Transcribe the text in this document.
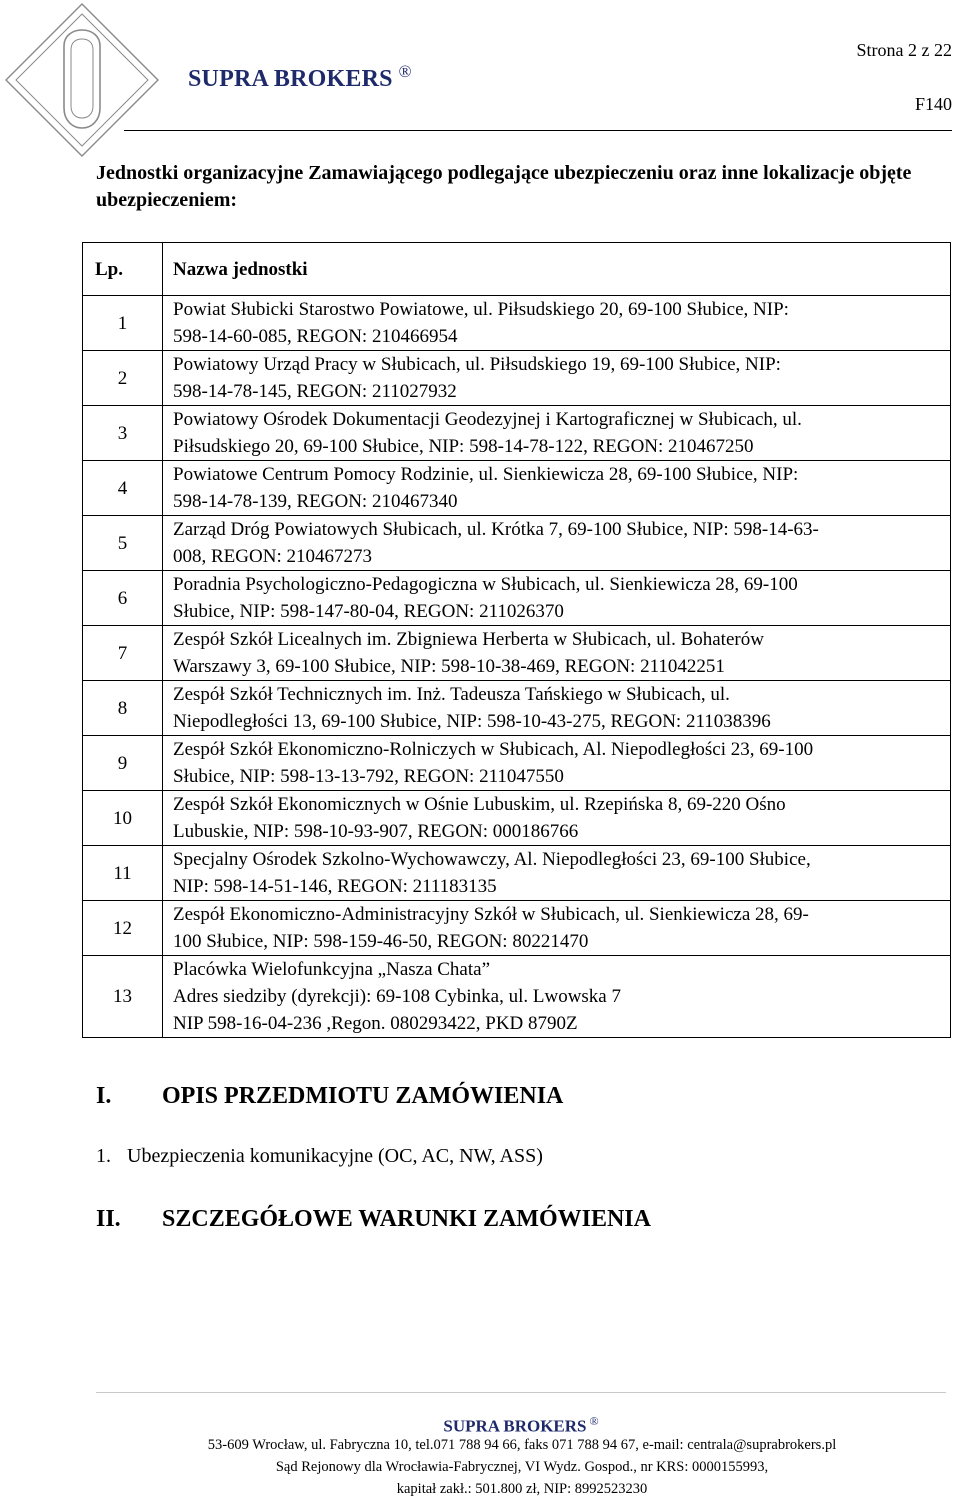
SUPRA BROKERS ®
Strona 2 z 22
F140
Jednostki organizacyjne Zamawiającego podlegające ubezpieczeniu oraz inne lokalizacje objęte ubezpieczeniem:
Lp.	Nazwa jednostki
1	Powiat Słubicki Starostwo Powiatowe, ul. Piłsudskiego 20, 69-100 Słubice, NIP:
598-14-60-085, REGON: 210466954

2	Powiatowy Urząd Pracy w Słubicach, ul. Piłsudskiego 19, 69-100 Słubice, NIP:
598-14-78-145, REGON: 211027932

3	Powiatowy Ośrodek Dokumentacji Geodezyjnej i Kartograficznej w Słubicach, ul.
Piłsudskiego 20, 69-100 Słubice, NIP: 598-14-78-122, REGON: 210467250

4	Powiatowe Centrum Pomocy Rodzinie, ul. Sienkiewicza 28, 69-100 Słubice, NIP:
598-14-78-139, REGON: 210467340

5	Zarząd Dróg Powiatowych Słubicach, ul. Krótka 7, 69-100 Słubice, NIP: 598-14-63-
008, REGON: 210467273

6	Poradnia Psychologiczno-Pedagogiczna w Słubicach, ul. Sienkiewicza 28, 69-100
Słubice, NIP: 598-147-80-04, REGON: 211026370

7	Zespół Szkół Licealnych im. Zbigniewa Herberta w Słubicach, ul. Bohaterów
Warszawy 3, 69-100 Słubice, NIP: 598-10-38-469, REGON: 211042251

8	Zespół Szkół Technicznych im. Inż. Tadeusza Tańskiego w Słubicach, ul.
Niepodległości 13, 69-100 Słubice, NIP: 598-10-43-275, REGON: 211038396

9	Zespół Szkół Ekonomiczno-Rolniczych w Słubicach, Al. Niepodległości 23, 69-100
Słubice, NIP: 598-13-13-792, REGON: 211047550

10	Zespół Szkół Ekonomicznych w Ośnie Lubuskim, ul. Rzepińska 8, 69-220 Ośno
Lubuskie, NIP: 598-10-93-907, REGON: 000186766

11	Specjalny Ośrodek Szkolno-Wychowawczy, Al. Niepodległości 23, 69-100 Słubice,
NIP: 598-14-51-146, REGON: 211183135

12	Zespół Ekonomiczno-Administracyjny Szkół w Słubicach, ul. Sienkiewicza 28, 69-
100 Słubice, NIP: 598-159-46-50, REGON: 80221470

13	Placówka Wielofunkcyjna „Nasza Chata”
Adres siedziby (dyrekcji): 69-108 Cybinka, ul. Lwowska 7
NIP 598-16-04-236 ,Regon. 080293422, PKD 8790Z
I. OPIS PRZEDMIOTU ZAMÓWIENIA
1. Ubezpieczenia komunikacyjne (OC, AC, NW, ASS)
II. SZCZEGÓŁOWE WARUNKI ZAMÓWIENIA
SUPRA BROKERS ®
53-609 Wrocław, ul. Fabryczna 10, tel.071 788 94 66, faks 071 788 94 67, e-mail: centrala@suprabrokers.pl
Sąd Rejonowy dla Wrocławia-Fabrycznej, VI Wydz. Gospod., nr KRS: 0000155993,
kapitał zakł.: 501.800 zł, NIP: 8992523230
